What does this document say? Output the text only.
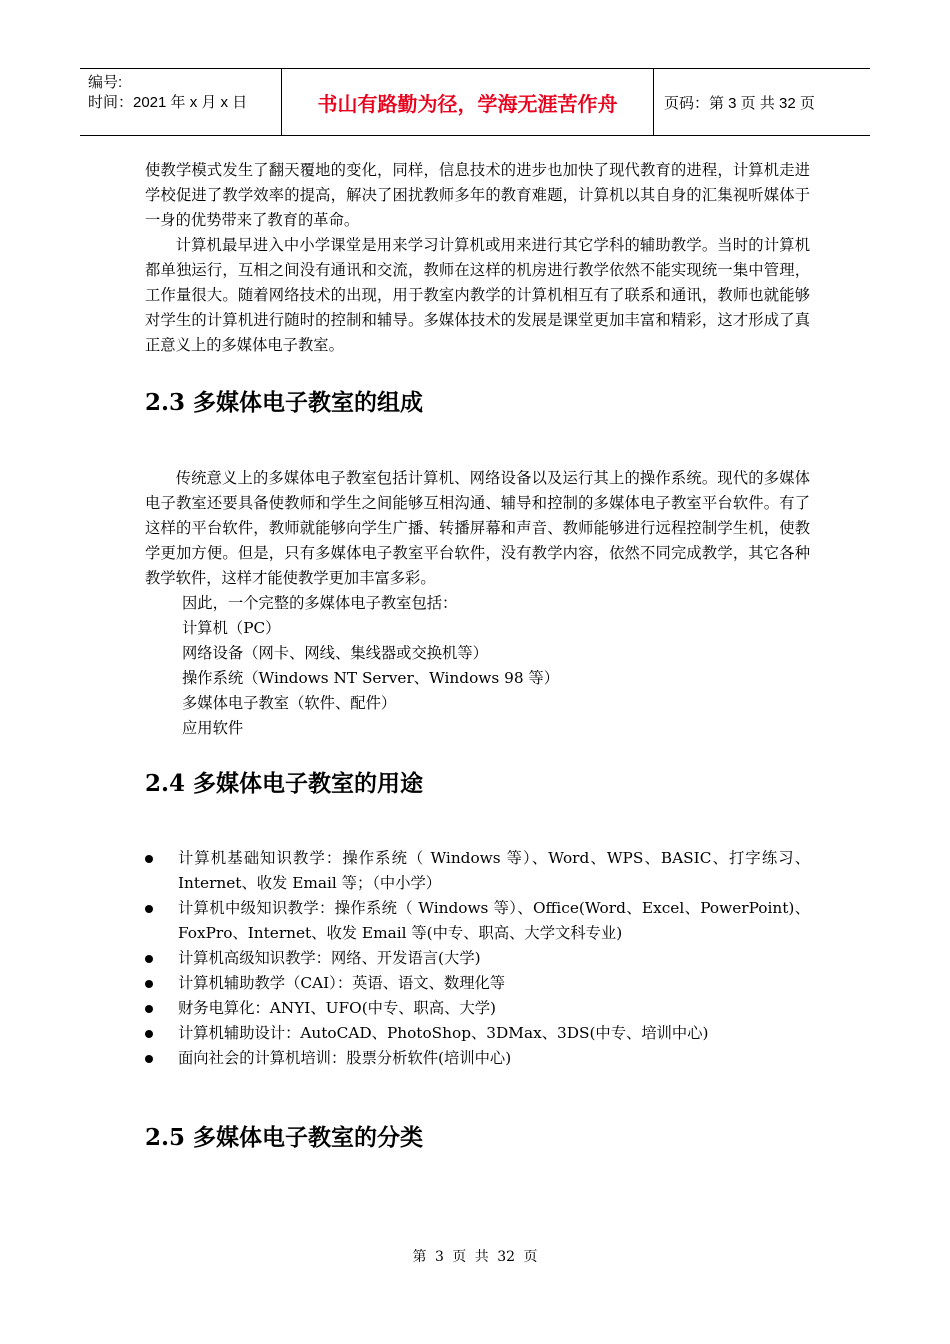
编号:
时间：2021 年 x 月 x 日	书山有路勤为径，学海无涯苦作舟	页码：第 3 页 共 32 页

使教学模式发生了翻天覆地的变化，同样，信息技术的进步也加快了现代教育的进程，计算机走进学校促进了教学效率的提高，解决了困扰教师多年的教育难题，计算机以其自身的汇集视听媒体于一身的优势带来了教育的革命。

计算机最早进入中小学课堂是用来学习计算机或用来进行其它学科的辅助教学。当时的计算机都单独运行，互相之间没有通讯和交流，教师在这样的机房进行教学依然不能实现统一集中管理，工作量很大。随着网络技术的出现，用于教室内教学的计算机相互有了联系和通讯，教师也就能够对学生的计算机进行随时的控制和辅导。多媒体技术的发展是课堂更加丰富和精彩，这才形成了真正意义上的多媒体电子教室。

2.3 多媒体电子教室的组成

传统意义上的多媒体电子教室包括计算机、网络设备以及运行其上的操作系统。现代的多媒体电子教室还要具备使教师和学生之间能够互相沟通、辅导和控制的多媒体电子教室平台软件。有了这样的平台软件，教师就能够向学生广播、转播屏幕和声音、教师能够进行远程控制学生机，使教学更加方便。但是，只有多媒体电子教室平台软件，没有教学内容，依然不同完成教学，其它各种教学软件，这样才能使教学更加丰富多彩。

因此，一个完整的多媒体电子教室包括：

计算机（PC）

网络设备（网卡、网线、集线器或交换机等）

操作系统（Windows NT Server、Windows 98 等）

多媒体电子教室（软件、配件）

应用软件

2.4 多媒体电子教室的用途
计算机基础知识教学：操作系统（ Windows 等）、Word、WPS、BASIC、打字练习、Internet、收发 Email 等；（中小学）
计算机中级知识教学：操作系统（ Windows 等）、Office(Word、Excel、PowerPoint)、FoxPro、Internet、收发 Email 等(中专、职高、大学文科专业)
计算机高级知识教学：网络、开发语言(大学)
计算机辅助教学（CAI）：英语、语文、数理化等
财务电算化：ANYI、UFO(中专、职高、大学)
计算机辅助设计：AutoCAD、PhotoShop、3DMax、3DS(中专、培训中心)
面向社会的计算机培训：股票分析软件(培训中心)
2.5 多媒体电子教室的分类
第 3 页 共 32 页
